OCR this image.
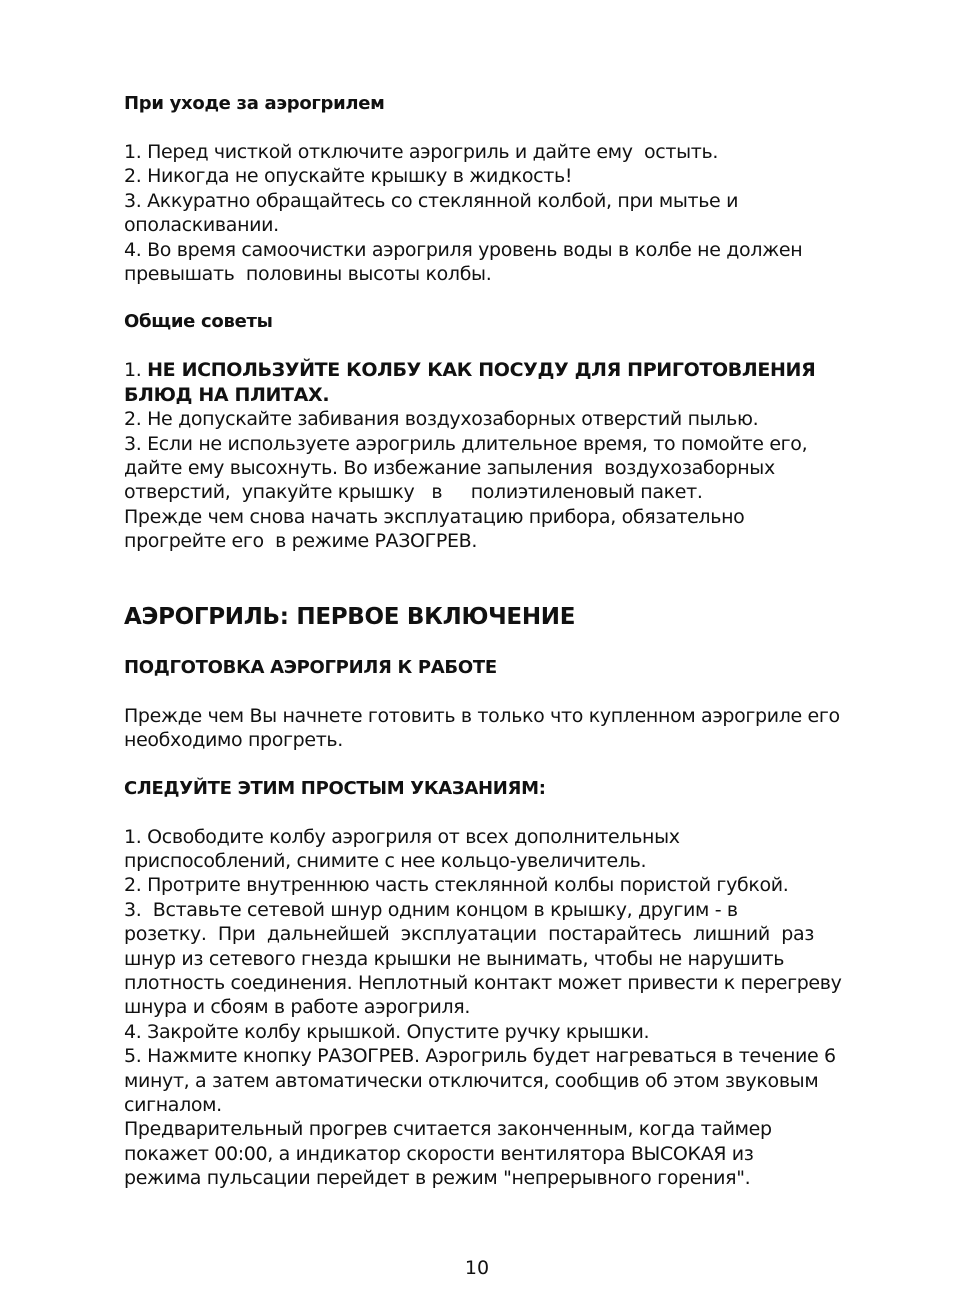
При уходе за аэрогрилем

1. Перед чисткой отключите аэрогриль и дайте ему  остыть.

2. Никогда не опускайте крышку в жидкость!

3. Аккуратно обращайтесь со стеклянной колбой, при мытье и
ополаскивании.

4. Во время самоочистки аэрогриля уровень воды в колбе не должен
превышать  половины высоты колбы.

Общие советы

1. НЕ ИСПОЛЬЗУЙТЕ КОЛБУ КАК ПОСУДУ ДЛЯ ПРИГОТОВЛЕНИЯ
БЛЮД НА ПЛИТАХ.

2. Не допускайте забивания воздухозаборных отверстий пылью.

3. Если не используете аэрогриль длительное время, то помойте его,
дайте ему высохнуть. Во избежание запыления  воздухозаборных
отверстий,  упакуйте крышку   в     полиэтиленовый пакет.
Прежде чем снова начать эксплуатацию прибора, обязательно
прогрейте его  в режиме РАЗОГРЕВ.

АЭРОГРИЛЬ: ПЕРВОЕ ВКЛЮЧЕНИЕ
ПОДГОТОВКА АЭРОГРИЛЯ К РАБОТЕ

Прежде чем Вы начнете готовить в только что купленном аэрогриле его
необходимо прогреть.

СЛЕДУЙТЕ ЭТИМ ПРОСТЫМ УКАЗАНИЯМ:

1. Освободите колбу аэрогриля от всех дополнительных
приспособлений, снимите с нее кольцо-увеличитель.

2. Протрите внутреннюю часть стеклянной колбы пористой губкой.

3.  Вставьте сетевой шнур одним концом в крышку, другим - в
розетку.  При  дальнейшей  эксплуатации  постарайтесь  лишний  раз
шнур из сетевого гнезда крышки не вынимать, чтобы не нарушить
плотность соединения. Неплотный контакт может привести к перегреву
шнура и сбоям в работе аэрогриля.

4. Закройте колбу крышкой. Опустите ручку крышки.

5. Нажмите кнопку РАЗОГРЕВ. Аэрогриль будет нагреваться в течение 6
минут, а затем автоматически отключится, сообщив об этом звуковым
сигналом.

Предварительный прогрев считается законченным, когда таймер
покажет 00:00, а индикатор скорости вентилятора ВЫСОКАЯ из
режима пульсации перейдет в режим "непрерывного горения".

10
